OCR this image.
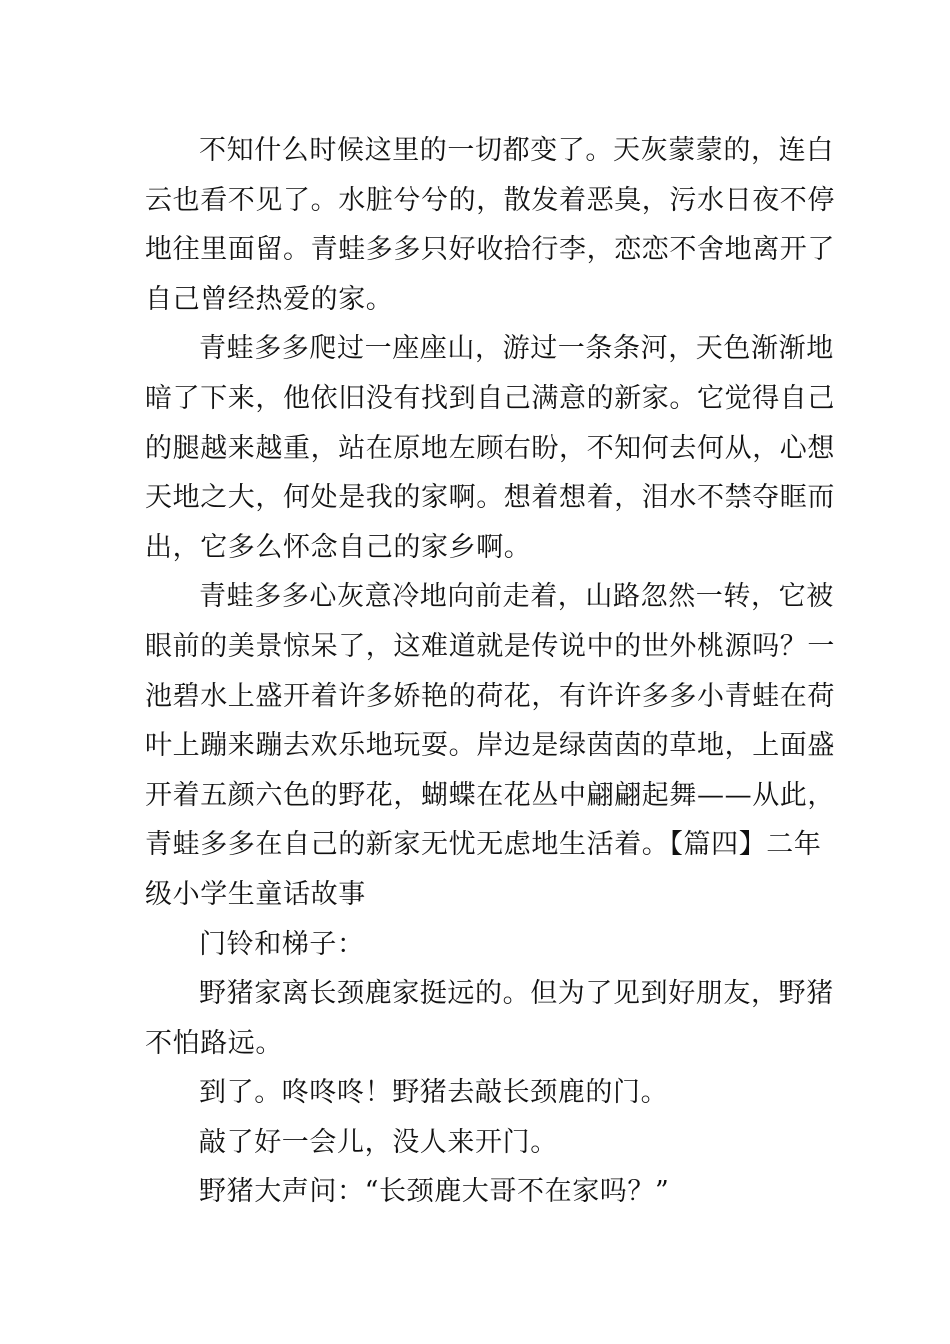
不知什么时候这里的一切都变了。天灰蒙蒙的，连白
云也看不见了。水脏兮兮的，散发着恶臭，污水日夜不停
地往里面留。青蛙多多只好收拾行李，恋恋不舍地离开了
自己曾经热爱的家。
青蛙多多爬过一座座山，游过一条条河，天色渐渐地
暗了下来，他依旧没有找到自己满意的新家。它觉得自己
的腿越来越重，站在原地左顾右盼，不知何去何从，心想
天地之大，何处是我的家啊。想着想着，泪水不禁夺眶而
出，它多么怀念自己的家乡啊。
青蛙多多心灰意冷地向前走着，山路忽然一转，它被
眼前的美景惊呆了，这难道就是传说中的世外桃源吗？一
池碧水上盛开着许多娇艳的荷花，有许许多多小青蛙在荷
叶上蹦来蹦去欢乐地玩耍。岸边是绿茵茵的草地，上面盛
开着五颜六色的野花，蝴蝶在花丛中翩翩起舞——从此，
青蛙多多在自己的新家无忧无虑地生活着。【篇四】二年
级小学生童话故事
门铃和梯子：
野猪家离长颈鹿家挺远的。但为了见到好朋友，野猪
不怕路远。
到了。咚咚咚！野猪去敲长颈鹿的门。
敲了好一会儿，没人来开门。
野猪大声问：“长颈鹿大哥不在家吗？”
